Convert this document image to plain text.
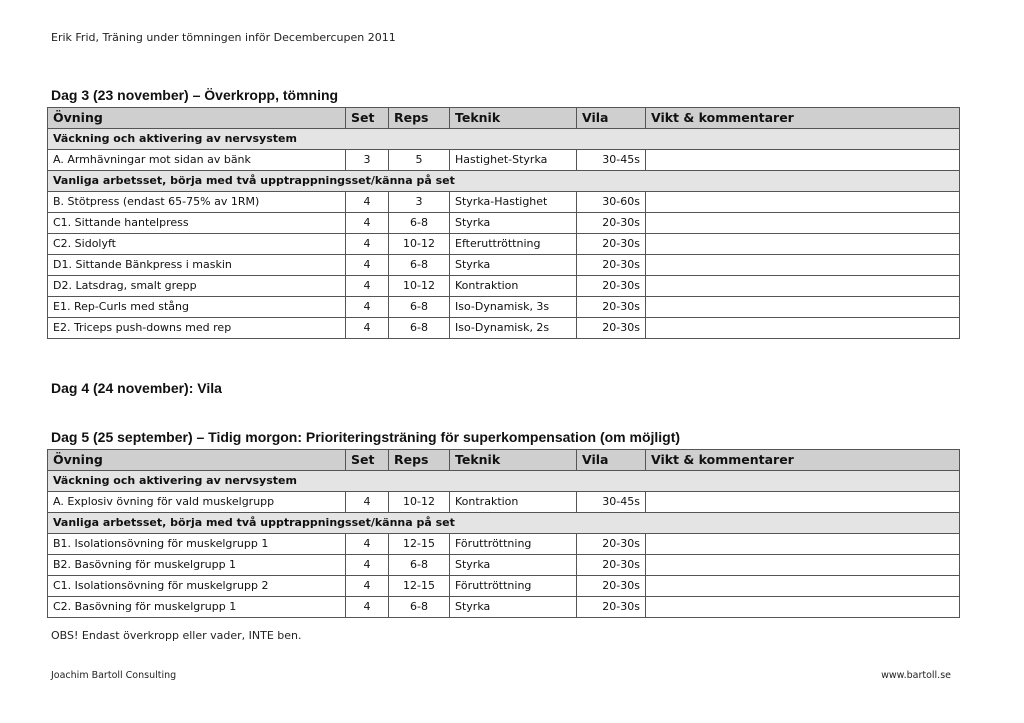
Erik Frid, Träning under tömningen inför Decembercupen 2011
Dag 3 (23 november) – Överkropp, tömning
Övning	Set	Reps	Teknik	Vila	Vikt & kommentarer
Väckning och aktivering av nervsystem					
A. Armhävningar mot sidan av bänk	3	5	Hastighet-Styrka	30-45s	
Vanliga arbetsset, börja med två upptrappningsset/känna på set					
B. Stötpress (endast 65-75% av 1RM)	4	3	Styrka-Hastighet	30-60s	
C1. Sittande hantelpress	4	6-8	Styrka	20-30s	
C2. Sidolyft	4	10-12	Efteruttröttning	20-30s	
D1. Sittande Bänkpress i maskin	4	6-8	Styrka	20-30s	
D2. Latsdrag, smalt grepp	4	10-12	Kontraktion	20-30s	
E1. Rep-Curls med stång	4	6-8	Iso-Dynamisk, 3s	20-30s	
E2. Triceps push-downs med rep	4	6-8	Iso-Dynamisk, 2s	20-30s	
Dag 4 (24 november): Vila
Dag 5 (25 september) – Tidig morgon: Prioriteringsträning för superkompensation (om möjligt)
Övning	Set	Reps	Teknik	Vila	Vikt & kommentarer
Väckning och aktivering av nervsystem					
A. Explosiv övning för vald muskelgrupp	4	10-12	Kontraktion	30-45s	
Vanliga arbetsset, börja med två upptrappningsset/känna på set					
B1. Isolationsövning för muskelgrupp 1	4	12-15	Föruttröttning	20-30s	
B2. Basövning för muskelgrupp 1	4	6-8	Styrka	20-30s	
C1. Isolationsövning för muskelgrupp 2	4	12-15	Föruttröttning	20-30s	
C2. Basövning för muskelgrupp 1	4	6-8	Styrka	20-30s	
OBS! Endast överkropp eller vader, INTE ben.
Joachim Bartoll Consulting	www.bartoll.se
